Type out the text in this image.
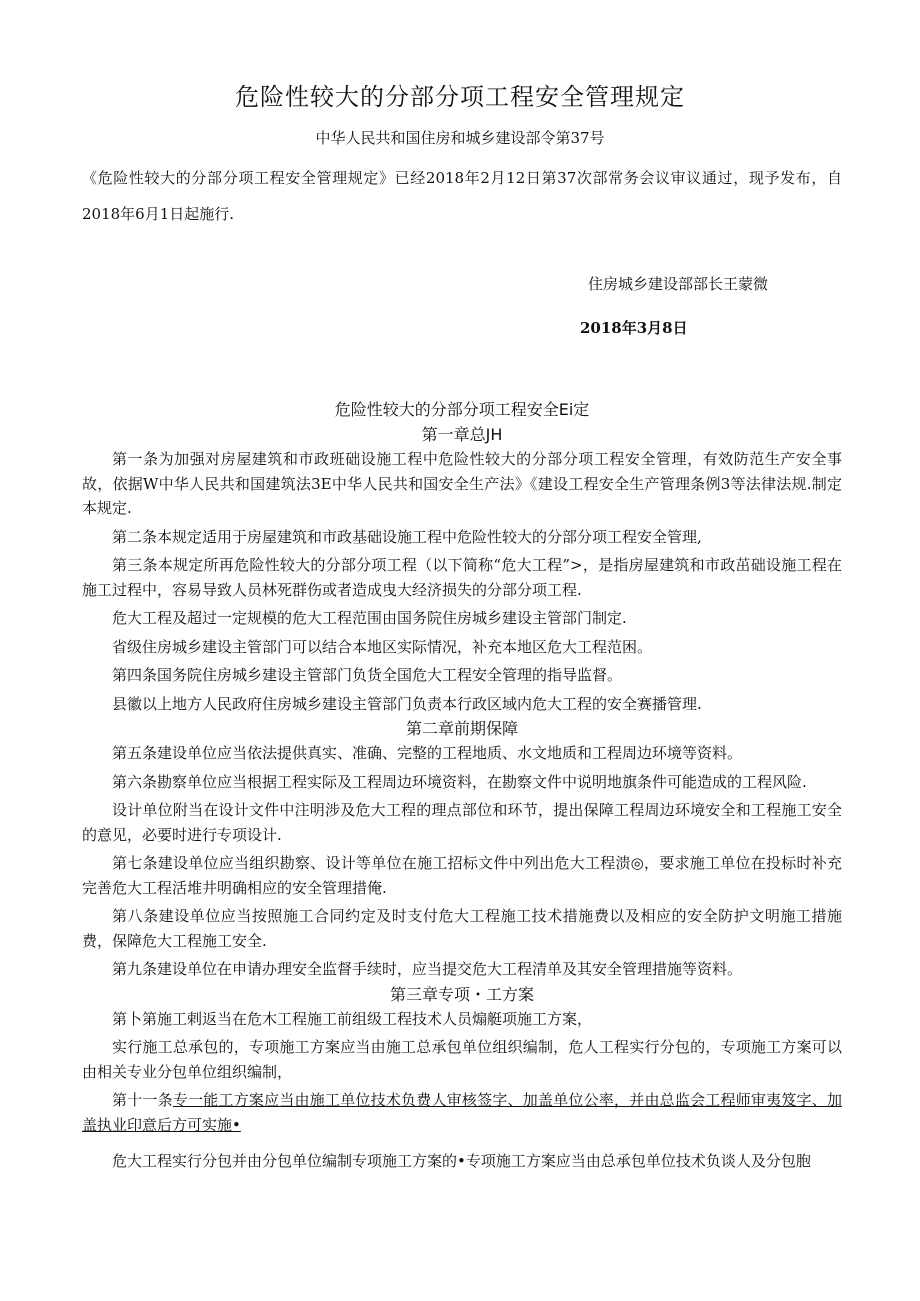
危险性较大的分部分项工程安全管理规定
中华人民共和国住房和城乡建设部令第37号
《危险性较大的分部分项工程安全管理规定》已经2018年2月12日第37次部常务会议审议通过，现予发布，自2018年6月1日起施行.
住房城乡建设部部长王蒙微
2018年3月8日
危险性较大的分部分项工程安全Ei定
第一章总JH

第一条为加强对房屋建筑和市政班础设施工程中危险性较大的分部分项工程安全管理，有效防范生产安全事故，依据W中华人民共和国建筑法3E中华人民共和国安全生产法》《建设工程安全生产管理条例3等法律法规.制定本规定.

第二条本规定适用于房屋建筑和市政基础设施工程中危险性较大的分部分项工程安全管理,

第三条本规定所再危险性较大的分部分项工程（以下简称“危大工程”>，是指房屋建筑和市政茁础设施工程在施工过程中，容易导致人员林死群伤或者造成曳大经济损失的分部分项工程.

危大工程及超过一定规模的危大工程范围由国务院住房城乡建设主管部门制定.

省级住房城乡建设主管部门可以结合本地区实际情况，补充本地区危大工程范困。

第四条国务院住房城乡建设主管部门负货全国危大工程安全管理的指导监督。

县徽以上地方人民政府住房城乡建设主管部门负责本行政区域内危大工程的安全赛播管理.

第二章前期保障

第五条建设单位应当依法提供真实、准确、完整的工程地质、水文地质和工程周边环境等资料。

第六条勘察单位应当根据工程实际及工程周边环境资料，在勘察文件中说明地旗条件可能造成的工程风险.

设计单位附当在设计文件中注明涉及危大工程的理点部位和环节，提出保障工程周边环境安全和工程施工安全的意见，必要时进行专项设计.

第七条建设单位应当组织勘察、设计等单位在施工招标文件中列出危大工程溃◎，要求施工单位在投标时补充完善危大工程活堆井明确相应的安全管理措俺.

第八条建设单位应当按照施工合同约定及时支付危大工程施工技术措施费以及相应的安全防护文明施工措施费，保障危大工程施工安全.

第九条建设单位在申请办理安全监督手续时，应当提交危大工程清单及其安全管理措施等资料。

第三章专项・工方案

第卜第施工剌返当在危木工程施工前组级工程技术人员煽艇项施工方案，

实行施工总承包的，专项施工方案应当由施工总承包单位组织编制，危人工程实行分包的，专项施工方案可以由相关专业分包单位组织编制，

第十一条专一能工方案应当由施工单位技术负费人审核签字、加盖单位公率，并由总监会工程师审夷笈字、加盖执业印意后方可实施•

危大工程实行分包并由分包单位编制专项施工方案的•专项施工方案应当由总承包单位技术负谈人及分包胞
